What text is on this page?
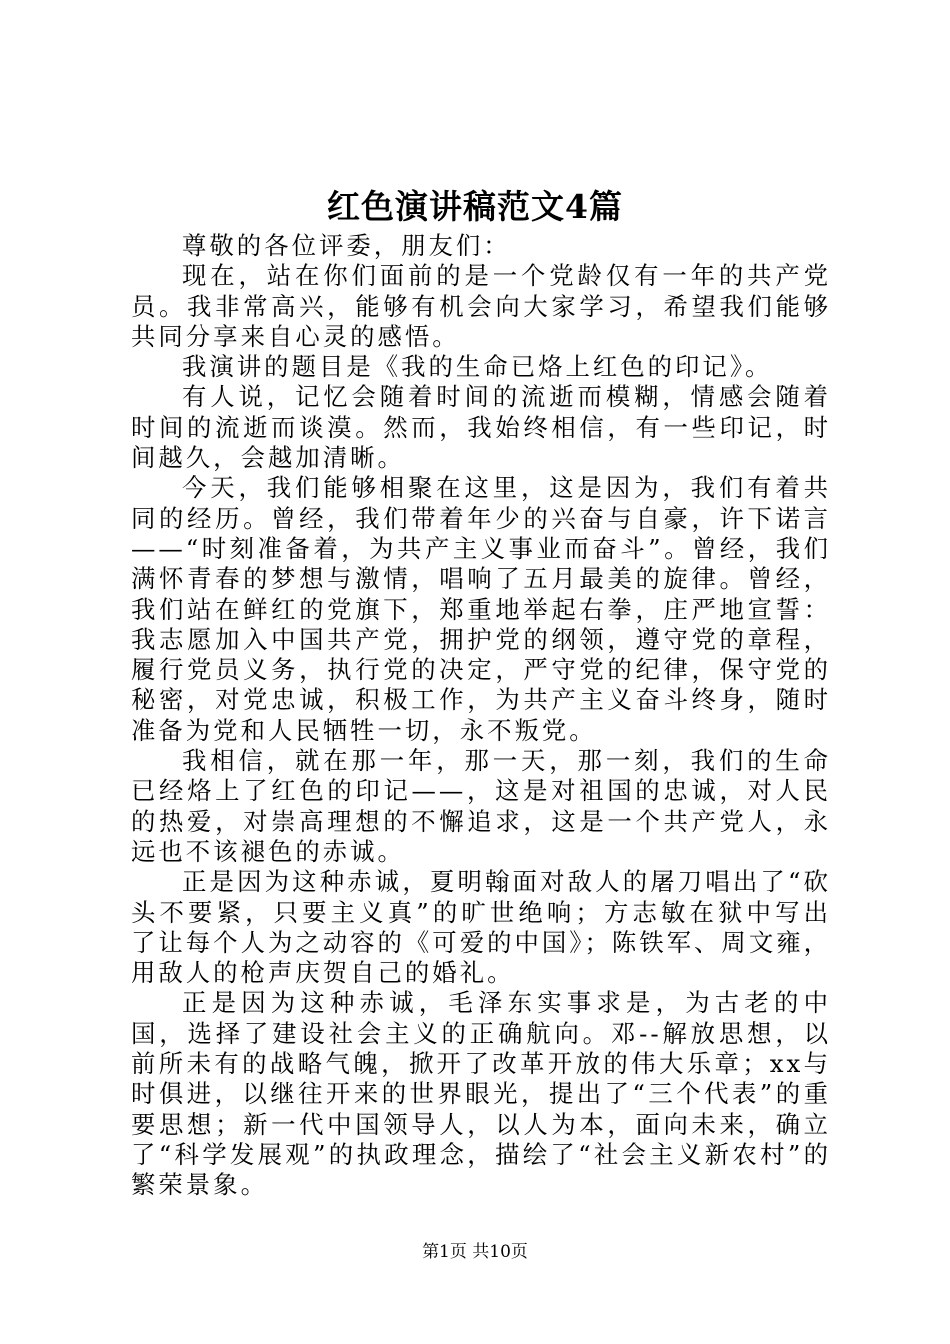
红色演讲稿范文4篇

尊敬的各位评委，朋友们：

现在，站在你们面前的是一个党龄仅有一年的共产党员。我非常高兴，能够有机会向大家学习，希望我们能够共同分享来自心灵的感悟。

我演讲的题目是《我的生命已烙上红色的印记》。

有人说，记忆会随着时间的流逝而模糊，情感会随着时间的流逝而谈漠。然而，我始终相信，有一些印记，时间越久，会越加清晰。

今天，我们能够相聚在这里，这是因为，我们有着共同的经历。曾经，我们带着年少的兴奋与自豪，许下诺言——“时刻准备着，为共产主义事业而奋斗”。曾经，我们满怀青春的梦想与激情，唱响了五月最美的旋律。曾经，我们站在鲜红的党旗下，郑重地举起右拳，庄严地宣誓：我志愿加入中国共产党，拥护党的纲领，遵守党的章程，履行党员义务，执行党的决定，严守党的纪律，保守党的秘密，对党忠诚，积极工作，为共产主义奋斗终身，随时准备为党和人民牺牲一切，永不叛党。

我相信，就在那一年，那一天，那一刻，我们的生命已经烙上了红色的印记——，这是对祖国的忠诚，对人民的热爱，对崇高理想的不懈追求，这是一个共产党人，永远也不该褪色的赤诚。

正是因为这种赤诚，夏明翰面对敌人的屠刀唱出了“砍头不要紧，只要主义真”的旷世绝响；方志敏在狱中写出了让每个人为之动容的《可爱的中国》；陈铁军、周文雍，用敌人的枪声庆贺自己的婚礼。

正是因为这种赤诚，毛泽东实事求是，为古老的中国，选择了建设社会主义的正确航向。邓--解放思想，以前所未有的战略气魄，掀开了改革开放的伟大乐章；xx与时俱进，以继往开来的世界眼光，提出了“三个代表”的重要思想；新一代中国领导人，以人为本，面向未来，确立了“科学发展观”的执政理念，描绘了“社会主义新农村”的繁荣景象。

第1页 共10页
